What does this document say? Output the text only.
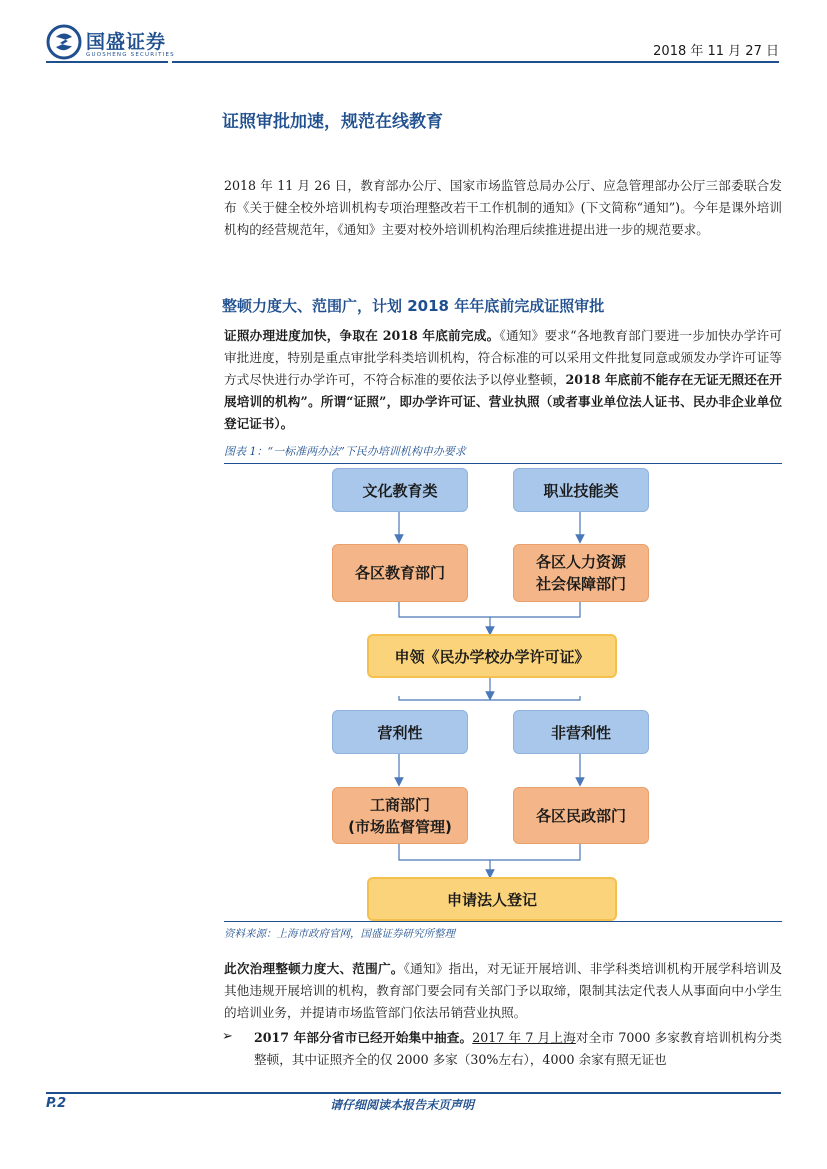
国盛证券
GUOSHENG SECURITIES	2018 年 11 月 27 日
证照审批加速，规范在线教育
2018 年 11 月 26 日，教育部办公厅、国家市场监管总局办公厅、应急管理部办公厅三部委联合发布《关于健全校外培训机构专项治理整改若干工作机制的通知》(下文简称“通知”)。今年是课外培训机构的经营规范年，《通知》主要对校外培训机构治理后续推进提出进一步的规范要求。
整顿力度大、范围广，计划 2018 年年底前完成证照审批
证照办理进度加快，争取在 2018 年底前完成。《通知》要求“各地教育部门要进一步加快办学许可审批进度，特别是重点审批学科类培训机构，符合标准的可以采用文件批复同意或颁发办学许可证等方式尽快进行办学许可，不符合标准的要依法予以停业整顿，2018 年底前不能存在无证无照还在开展培训的机构”。所谓“证照”，即办学许可证、营业执照（或者事业单位法人证书、民办非企业单位登记证书）。
图表 1：“一标准两办法”下民办培训机构申办要求
文化教育类	职业技能类
各区教育部门
各区人力资源
社会保障部门
申领《民办学校办学许可证》
营利性	非营利性
工商部门
(市场监督管理)
各区民政部门
申请法人登记
资料来源：上海市政府官网，国盛证券研究所整理
此次治理整顿力度大、范围广。《通知》指出，对无证开展培训、非学科类培训机构开展学科培训及其他违规开展培训的机构，教育部门要会同有关部门予以取缔，限制其法定代表人从事面向中小学生的培训业务，并提请市场监管部门依法吊销营业执照。
➢ 2017 年部分省市已经开始集中抽查。2017 年 7 月上海对全市 7000 多家教育培训机构分类整顿，其中证照齐全的仅 2000 多家（30%左右），4000 余家有照无证也
P.2	请仔细阅读本报告末页声明
